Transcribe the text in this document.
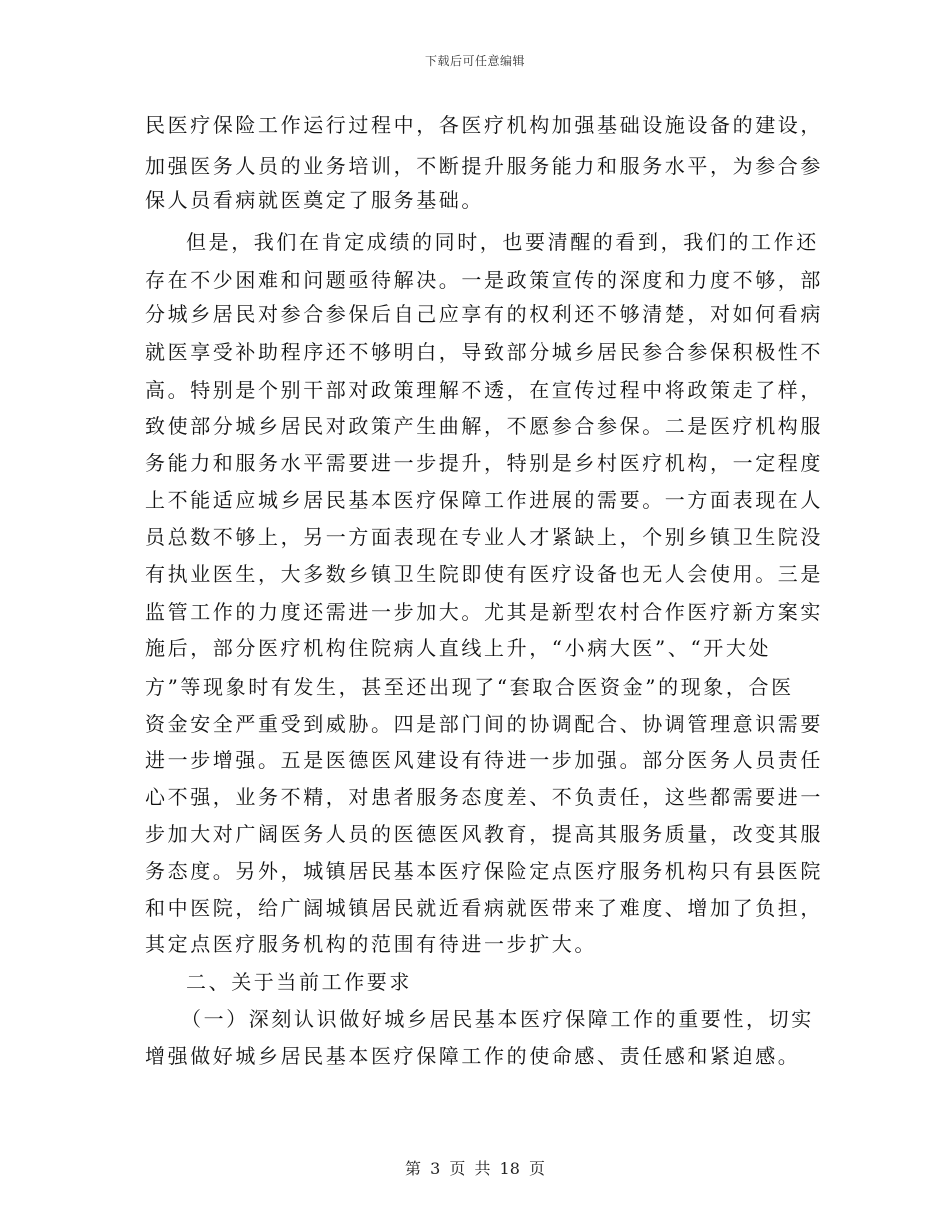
下载后可任意编辑
民医疗保险工作运行过程中，各医疗机构加强基础设施设备的建设，
加强医务人员的业务培训，不断提升服务能力和服务水平，为参合参
保人员看病就医奠定了服务基础。
但是，我们在肯定成绩的同时，也要清醒的看到，我们的工作还
存在不少困难和问题亟待解决。一是政策宣传的深度和力度不够，部
分城乡居民对参合参保后自己应享有的权利还不够清楚，对如何看病
就医享受补助程序还不够明白，导致部分城乡居民参合参保积极性不
高。特别是个别干部对政策理解不透，在宣传过程中将政策走了样，
致使部分城乡居民对政策产生曲解，不愿参合参保。二是医疗机构服
务能力和服务水平需要进一步提升，特别是乡村医疗机构，一定程度
上不能适应城乡居民基本医疗保障工作进展的需要。一方面表现在人
员总数不够上，另一方面表现在专业人才紧缺上，个别乡镇卫生院没
有执业医生，大多数乡镇卫生院即使有医疗设备也无人会使用。三是
监管工作的力度还需进一步加大。尤其是新型农村合作医疗新方案实
施后，部分医疗机构住院病人直线上升，“小病大医”、“开大处
方”等现象时有发生，甚至还出现了“套取合医资金”的现象，合医
资金安全严重受到威胁。四是部门间的协调配合、协调管理意识需要
进一步增强。五是医德医风建设有待进一步加强。部分医务人员责任
心不强，业务不精，对患者服务态度差、不负责任，这些都需要进一
步加大对广阔医务人员的医德医风教育，提高其服务质量，改变其服
务态度。另外，城镇居民基本医疗保险定点医疗服务机构只有县医院
和中医院，给广阔城镇居民就近看病就医带来了难度、增加了负担，
其定点医疗服务机构的范围有待进一步扩大。
二、关于当前工作要求
（一）深刻认识做好城乡居民基本医疗保障工作的重要性，切实
增强做好城乡居民基本医疗保障工作的使命感、责任感和紧迫感。
第 3 页 共 18 页
